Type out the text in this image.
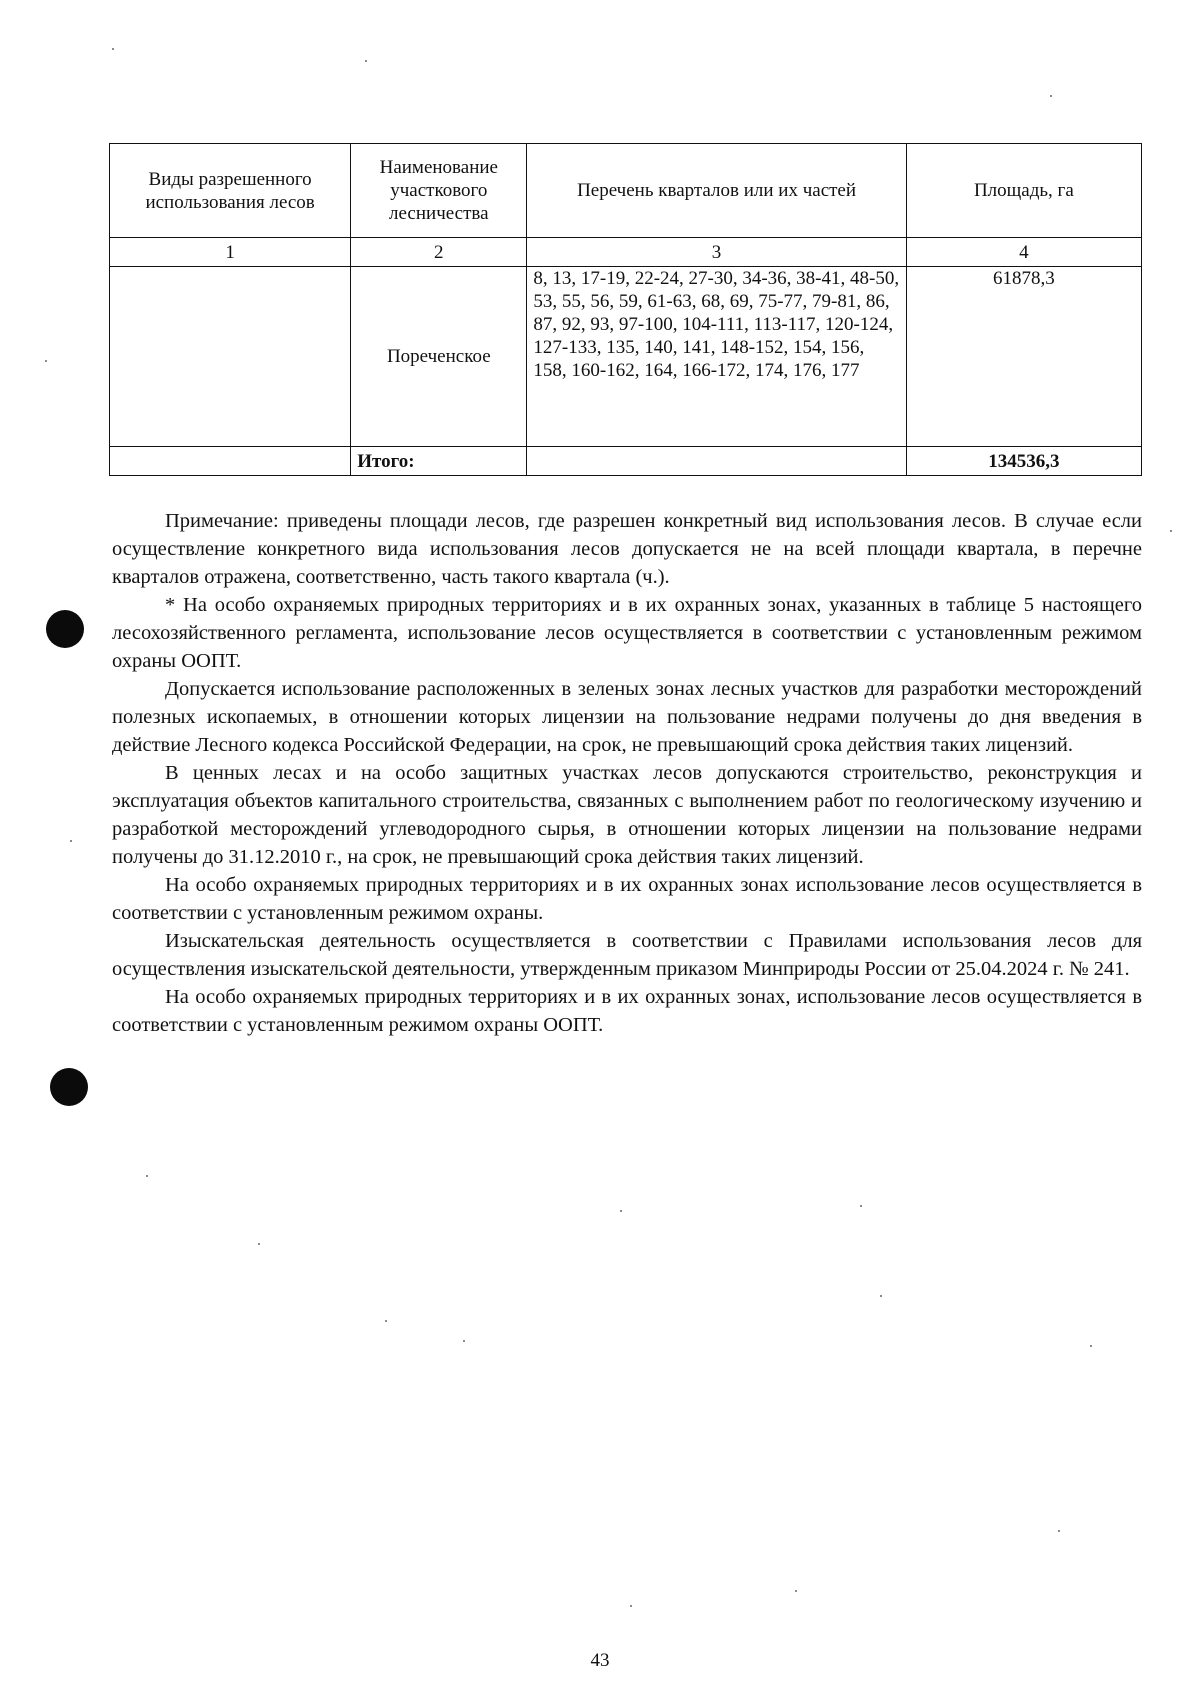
Виды разрешенного использования лесов	Наименование участкового лесничества	Перечень кварталов или их частей	Площадь, га
1	2	3	4
	Пореченское	8, 13, 17-19, 22-24, 27-30, 34-36, 38-41, 48-50, 53, 55, 56, 59, 61-63, 68, 69, 75-77, 79-81, 86, 87, 92, 93, 97-100, 104-111, 113-117, 120-124, 127-133, 135, 140, 141, 148-152, 154, 156, 158, 160-162, 164, 166-172, 174, 176, 177	61878,3
	Итого:		134536,3

Примечание: приведены площади лесов, где разрешен конкретный вид использования лесов. В случае если осуществление конкретного вида использования лесов допускается не на всей площади квартала, в перечне кварталов отражена, соответственно, часть такого квартала (ч.).

* На особо охраняемых природных территориях и в их охранных зонах, указанных в таблице 5 настоящего лесохозяйственного регламента, использование лесов осуществляется в соответствии с установленным режимом охраны ООПТ.

Допускается использование расположенных в зеленых зонах лесных участков для разработки месторождений полезных ископаемых, в отношении которых лицензии на пользование недрами получены до дня введения в действие Лесного кодекса Российской Федерации, на срок, не превышающий срока действия таких лицензий.

В ценных лесах и на особо защитных участках лесов допускаются строительство, реконструкция и эксплуатация объектов капитального строительства, связанных с выполнением работ по геологическому изучению и разработкой месторождений углеводородного сырья, в отношении которых лицензии на пользование недрами получены до 31.12.2010 г., на срок, не превышающий срока действия таких лицензий.

На особо охраняемых природных территориях и в их охранных зонах использование лесов осуществляется в соответствии с установленным режимом охраны.

Изыскательская деятельность осуществляется в соответствии с Правилами использования лесов для осуществления изыскательской деятельности, утвержденным приказом Минприроды России от 25.04.2024 г. № 241.

На особо охраняемых природных территориях и в их охранных зонах, использование лесов осуществляется в соответствии с установленным режимом охраны ООПТ.

43
